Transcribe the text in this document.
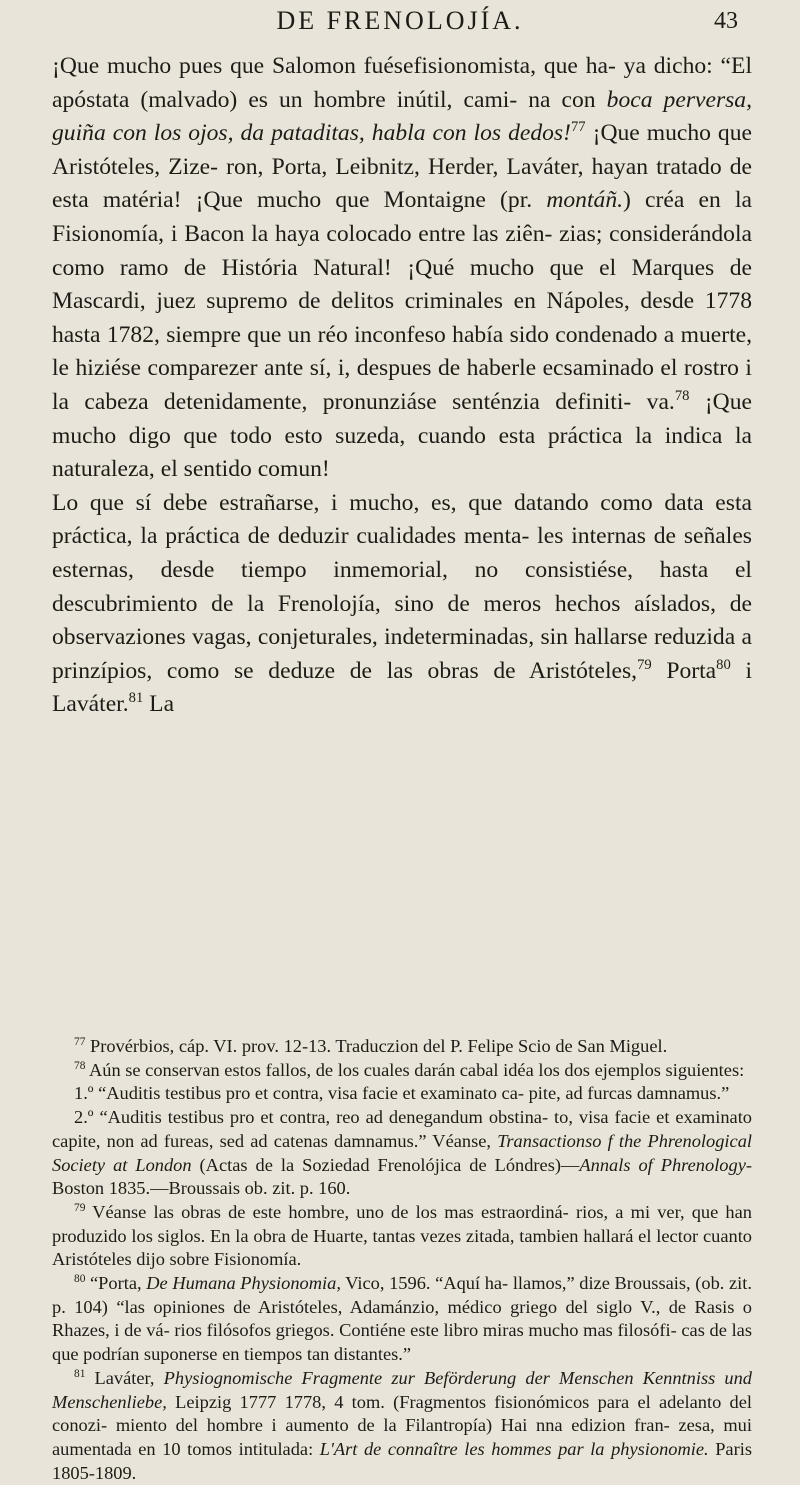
DE FRENOLOJÍA.	43

¡Que mucho pues que Salomon fuésefisionomista, que ha- ya dicho: “El apóstata (malvado) es un hombre inútil, cami- na con boca perversa, guiña con los ojos, da pataditas, habla con los dedos!$^{77}$ ¡Que mucho que Aristóteles, Zize- ron, Porta, Leibnitz, Herder, Laváter, hayan tratado de esta matéria! ¡Que mucho que Montaigne (pr. montáñ.) créa en la Fisionomía, i Bacon la haya colocado entre las ziên- zias; considerándola como ramo de História Natural! ¡Qué mucho que el Marques de Mascardi, juez supremo de delitos criminales en Nápoles, desde 1778 hasta 1782, siempre que un réo inconfeso había sido condenado a muerte, le hiziése comparezer ante sí, i, despues de haberle ecsaminado el rostro i la cabeza detenidamente, pronunziáse senténzia definiti- va.$^{78}$ ¡Que mucho digo que todo esto suzeda, cuando esta práctica la indica la naturaleza, el sentido comun!

Lo que sí debe estrañarse, i mucho, es, que datando como data esta práctica, la práctica de deduzir cualidades menta- les internas de señales esternas, desde tiempo inmemorial, no consistiése, hasta el descubrimiento de la Frenolojía, sino de meros hechos aíslados, de observaziones vagas, conjeturales, indeterminadas, sin hallarse reduzida a prinzípios, como se deduze de las obras de Aristóteles,$^{79}$ Porta$^{80}$ i Laváter.$^{81}$ La

$^{77}$ Provérbios, cáp. VI. prov. 12-13. Traduczion del P. Felipe Scio de San Miguel.

$^{78}$ Aún se conservan estos fallos, de los cuales darán cabal idéa los dos ejemplos siguientes:

1.º “Auditis testibus pro et contra, visa facie et examinato ca- pite, ad furcas damnamus.”

2.º “Auditis testibus pro et contra, reo ad denegandum obstina- to, visa facie et examinato capite, non ad fureas, sed ad catenas damnamus.” Véanse, Transactionso f the Phrenological Society at London (Actas de la Soziedad Frenolójica de Lóndres)—Annals of Phrenology-Boston 1835.—Broussais ob. zit. p. 160.

$^{79}$ Véanse las obras de este hombre, uno de los mas estraordiná- rios, a mi ver, que han produzido los siglos. En la obra de Huarte, tantas vezes zitada, tambien hallará el lector cuanto Aristóteles dijo sobre Fisionomía.

$^{80}$ “Porta, De Humana Physionomia, Vico, 1596. “Aquí ha- llamos,” dize Broussais, (ob. zit. p. 104) “las opiniones de Aristóteles, Adamánzio, médico griego del siglo V., de Rasis o Rhazes, i de vá- rios filósofos griegos. Contiéne este libro miras mucho mas filosófi- cas de las que podrían suponerse en tiempos tan distantes.”

$^{81}$ Laváter, Physiognomische Fragmente zur Beförderung der Menschen Kenntniss und Menschenliebe, Leipzig 1777 1778, 4 tom. (Fragmentos fisionómicos para el adelanto del conozi- miento del hombre i aumento de la Filantropía) Hai nna edizion fran- zesa, mui aumentada en 10 tomos intitulada: L'Art de connaître les hommes par la physionomie. Paris 1805-1809.
